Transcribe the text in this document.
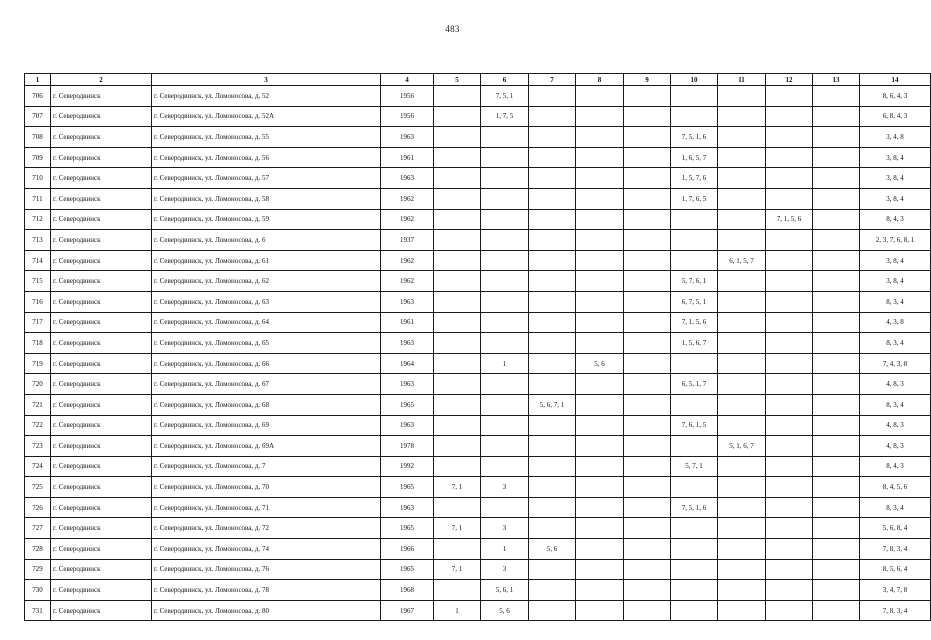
483
1	2	3	4	5	6	7	8	9	10	11	12	13	14
706	г. Северодвинск	г. Северодвинск, ул. Ломоносова, д. 52	1956		7, 5, 1								8, 6, 4, 3
707	г. Северодвинск	г. Северодвинск, ул. Ломоносова, д. 52А	1956		1, 7, 5								6, 8, 4, 3
708	г. Северодвинск	г. Северодвинск, ул. Ломоносова, д. 55	1963						7, 5, 1, 6				3, 4, 8
709	г. Северодвинск	г. Северодвинск, ул. Ломоносова, д. 56	1961						1, 6, 5, 7				3, 8, 4
710	г. Северодвинск	г. Северодвинск, ул. Ломоносова, д. 57	1963						1, 5, 7, 6				3, 8, 4
711	г. Северодвинск	г. Северодвинск, ул. Ломоносова, д. 58	1962						1, 7, 6, 5				3, 8, 4
712	г. Северодвинск	г. Северодвинск, ул. Ломоносова, д. 59	1962								7, 1, 5, 6		8, 4, 3
713	г. Северодвинск	г. Северодвинск, ул. Ломоносова, д. 6	1937										2, 3, 7, 6, 8, 1
714	г. Северодвинск	г. Северодвинск, ул. Ломоносова, д. 61	1962							6, 1, 5, 7			3, 8, 4
715	г. Северодвинск	г. Северодвинск, ул. Ломоносова, д. 62	1962						5, 7, 6, 1				3, 8, 4
716	г. Северодвинск	г. Северодвинск, ул. Ломоносова, д. 63	1963						6, 7, 5, 1				8, 3, 4
717	г. Северодвинск	г. Северодвинск, ул. Ломоносова, д. 64	1961						7, 1, 5, 6				4, 3, 8
718	г. Северодвинск	г. Северодвинск, ул. Ломоносова, д. 65	1963						1, 5, 6, 7				8, 3, 4
719	г. Северодвинск	г. Северодвинск, ул. Ломоносова, д. 66	1964		1		5, 6						7, 4, 3, 8
720	г. Северодвинск	г. Северодвинск, ул. Ломоносова, д. 67	1963						6, 5, 1, 7				4, 8, 3
721	г. Северодвинск	г. Северодвинск, ул. Ломоносова, д. 68	1965			5, 6, 7, 1							8, 3, 4
722	г. Северодвинск	г. Северодвинск, ул. Ломоносова, д. 69	1963						7, 6, 1, 5				4, 8, 3
723	г. Северодвинск	г. Северодвинск, ул. Ломоносова, д. 69А	1978							5, 1, 6, 7			4, 8, 3
724	г. Северодвинск	г. Северодвинск, ул. Ломоносова, д. 7	1992						5, 7, 1				8, 4, 3
725	г. Северодвинск	г. Северодвинск, ул. Ломоносова, д. 70	1965	7, 1	3								8, 4, 5, 6
726	г. Северодвинск	г. Северодвинск, ул. Ломоносова, д. 71	1963						7, 5, 1, 6				8, 3, 4
727	г. Северодвинск	г. Северодвинск, ул. Ломоносова, д. 72	1965	7, 1	3								5, 6, 8, 4
728	г. Северодвинск	г. Северодвинск, ул. Ломоносова, д. 74	1966		1	5, 6							7, 8, 3, 4
729	г. Северодвинск	г. Северодвинск, ул. Ломоносова, д. 76	1965	7, 1	3								8, 5, 6, 4
730	г. Северодвинск	г. Северодвинск, ул. Ломоносова, д. 78	1968		5, 6, 1								3, 4, 7, 8
731	г. Северодвинск	г. Северодвинск, ул. Ломоносова, д. 80	1967	1	5, 6								7, 8, 3, 4
